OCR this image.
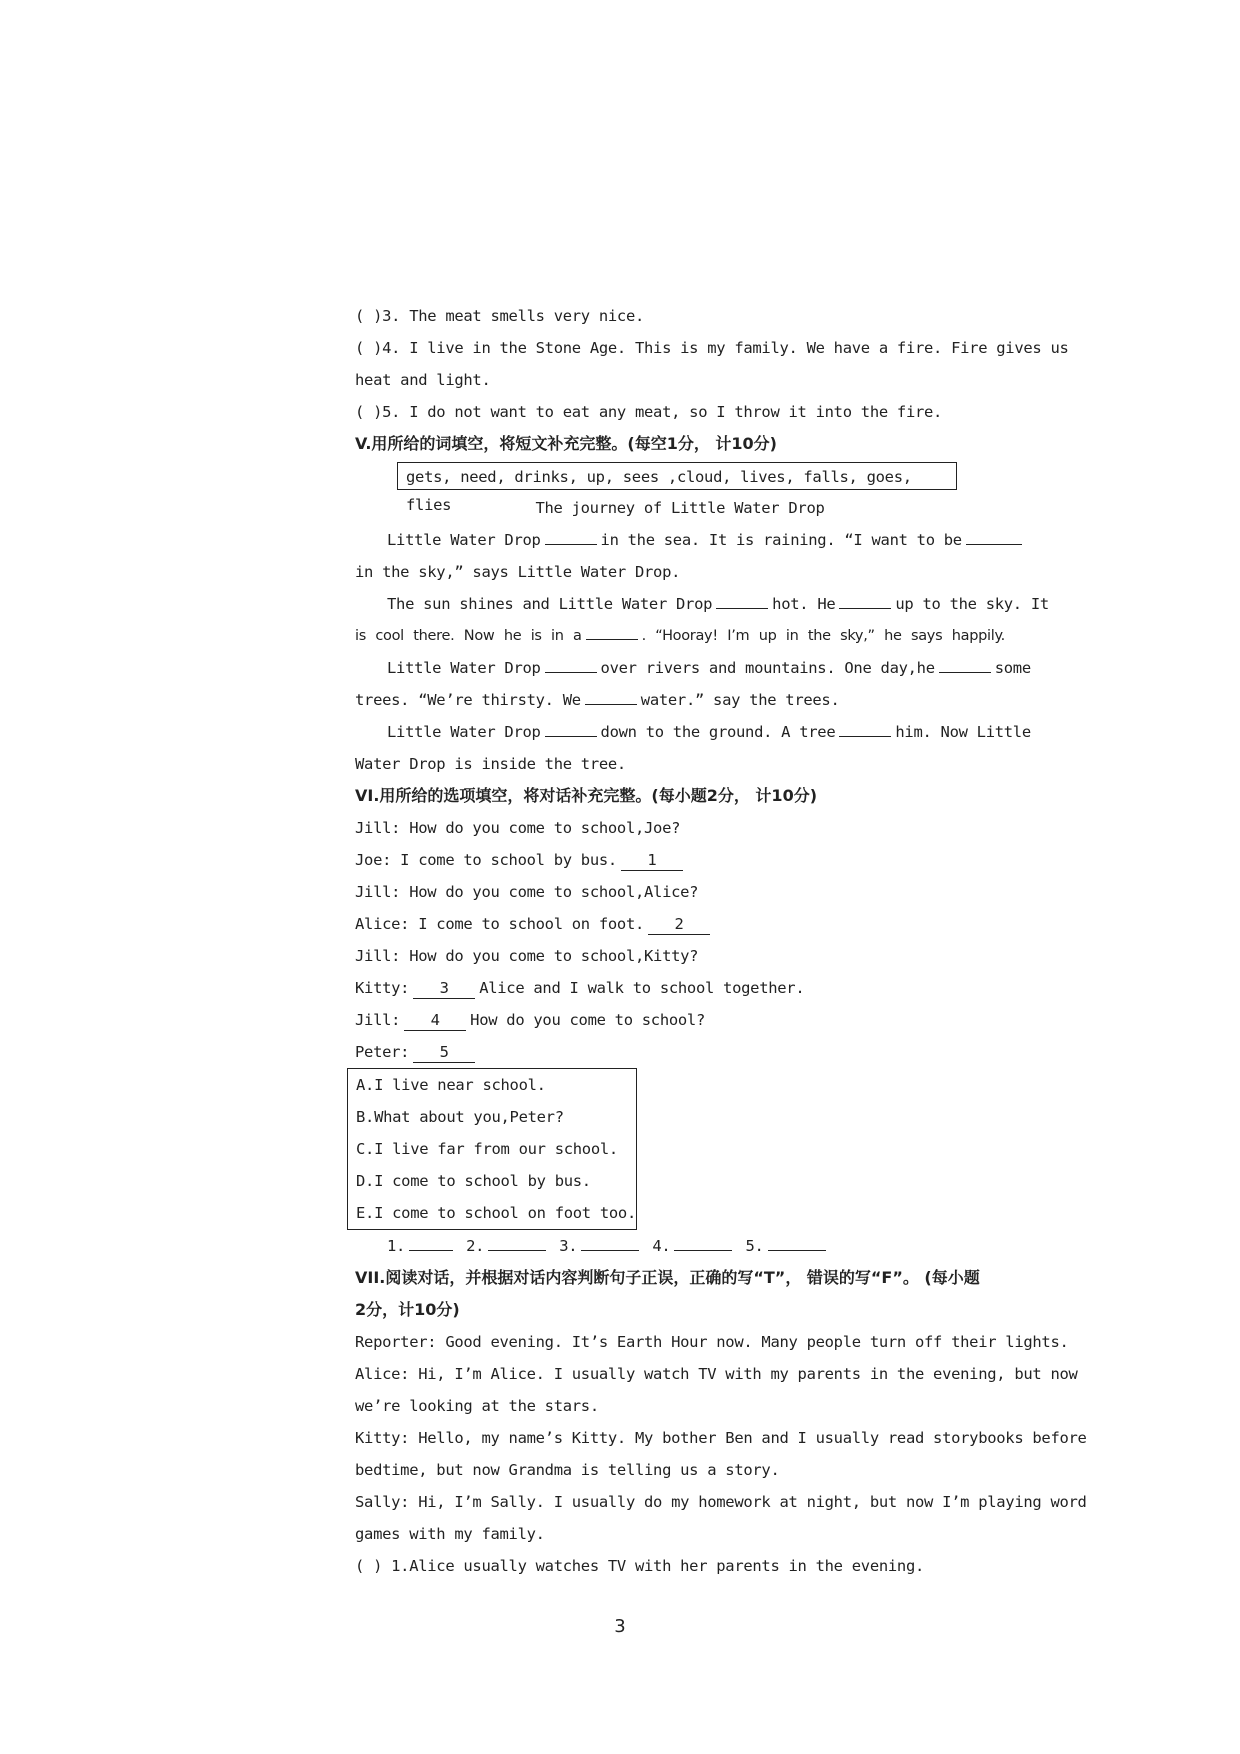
( )3. The meat smells very nice.
( )4. I live in the Stone Age. This is my family. We have a fire. Fire gives us
heat and light.
( )5. I do not want to eat any meat, so I throw it into the fire.
V.用所给的词填空，将短文补充完整。(每空1分， 计10分)
gets, need, drinks, up, sees ,cloud, lives, falls, goes, flies	The journey of Little Water Drop
Little Water Drop	in the sea. It is raining. “I want to be
in the sky,” says Little Water Drop.
The sun shines and Little Water Drop	hot. He	up to the sky. It
is cool there. Now he is in a	. “Hooray! I’m up in the sky,” he says happily.
Little Water Drop	over rivers and mountains. One day,he	some
trees. “We’re thirsty. We	water.” say the trees.
Little Water Drop	down to the ground. A tree	him. Now Little
Water Drop is inside the tree.
VI.用所给的选项填空，将对话补充完整。(每小题2分， 计10分)
Jill: How do you come to school,Joe?
Joe: I come to school by bus. 1
Jill: How do you come to school,Alice?
Alice: I come to school on foot. 2
Jill: How do you come to school,Kitty?
Kitty: 3 Alice and I walk to school together.
Jill: 4 How do you come to school?
Peter: 5
A.I live near school.
B.What about you,Peter?
C.I live far from our school.
D.I come to school by bus.
E.I come to school on foot too.
1.	2.	3.	4.	5.
VII.阅读对话，并根据对话内容判断句子正误，正确的写“T”， 错误的写“F”。 (每小题
2分，计10分)
Reporter: Good evening. It’s Earth Hour now. Many people turn off their lights.
Alice: Hi, I’m Alice. I usually watch TV with my parents in the evening, but now
we’re looking at the stars.
Kitty: Hello, my name’s Kitty. My bother Ben and I usually read storybooks before
bedtime, but now Grandma is telling us a story.
Sally: Hi, I’m Sally. I usually do my homework at night, but now I’m playing word
games with my family.
( ) 1.Alice usually watches TV with her parents in the evening.
3
